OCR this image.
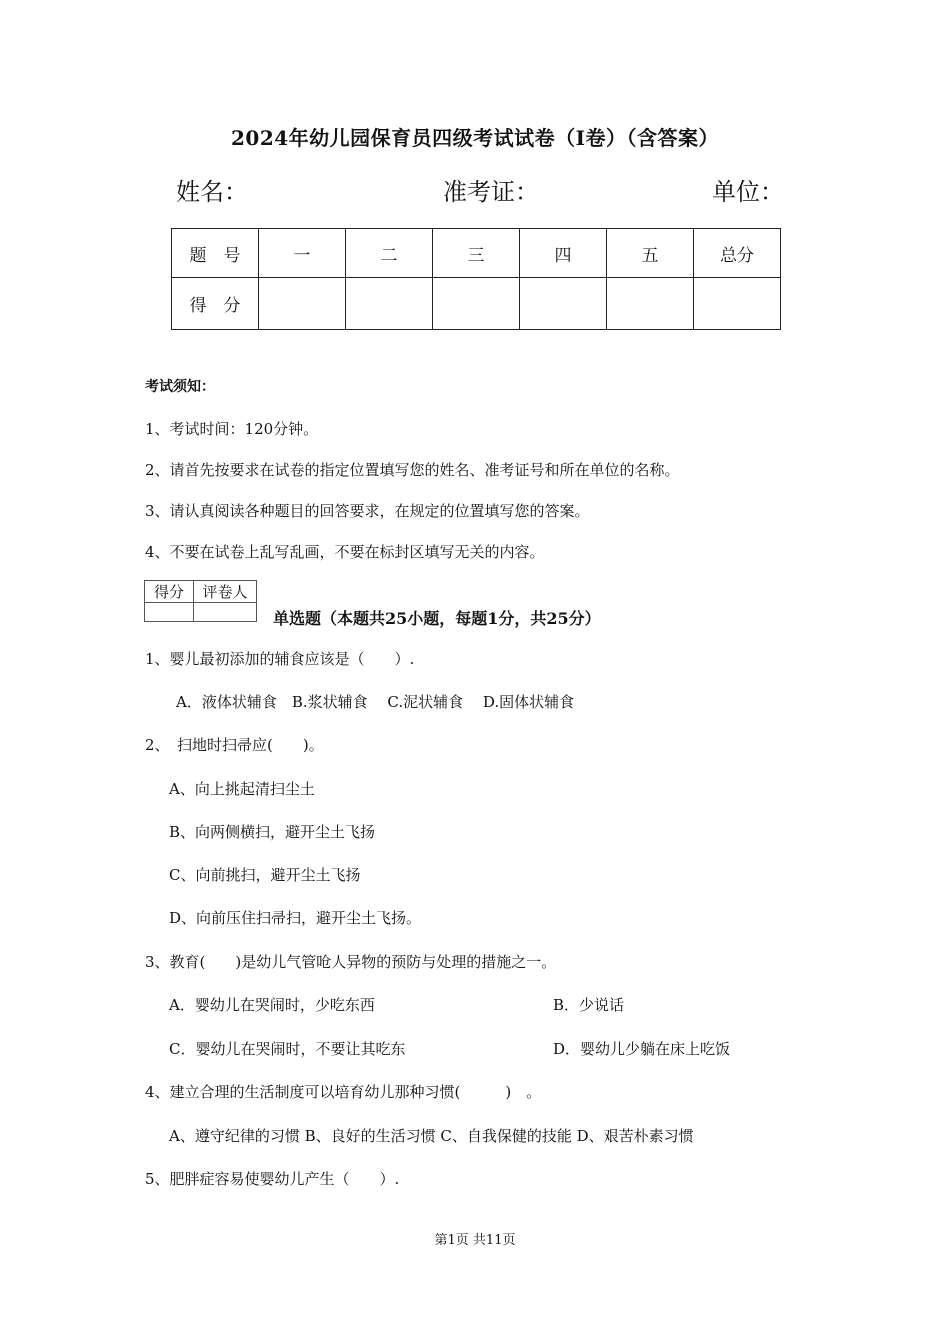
2024年幼儿园保育员四级考试试卷（I卷）（含答案）
姓名：	准考证：	单位：
题　号	一	二	三	四	五	总分
得　分						
考试须知：
1、考试时间：120分钟。
2、请首先按要求在试卷的指定位置填写您的姓名、准考证号和所在单位的名称。
3、请认真阅读各种题目的回答要求，在规定的位置填写您的答案。
4、不要在试卷上乱写乱画，不要在标封区填写无关的内容。
得分	评卷人

单选题（本题共25小题，每题1分，共25分）
1、婴儿最初添加的辅食应该是（　　）.
A．液体状辅食　B.浆状辅食　 C.泥状辅食　 D.固体状辅食
2、　扫地时扫帚应(　　)。
A、向上挑起清扫尘土
B、向两侧横扫，避开尘土飞扬
C、向前挑扫，避开尘土飞扬
D、向前压住扫帚扫，避开尘土飞扬。
3、教育(　　)是幼儿气管呛人异物的预防与处理的措施之一。
A．婴幼儿在哭闹时，少吃东西	B．少说话
C．婴幼儿在哭闹时，不要让其吃东	D．婴幼儿少躺在床上吃饭
4、建立合理的生活制度可以培育幼儿那种习惯(　　　)　。
A、遵守纪律的习惯 B、良好的生活习惯 C、自我保健的技能 D、艰苦朴素习惯
5、肥胖症容易使婴幼儿产生（　　）.
第1页 共11页
